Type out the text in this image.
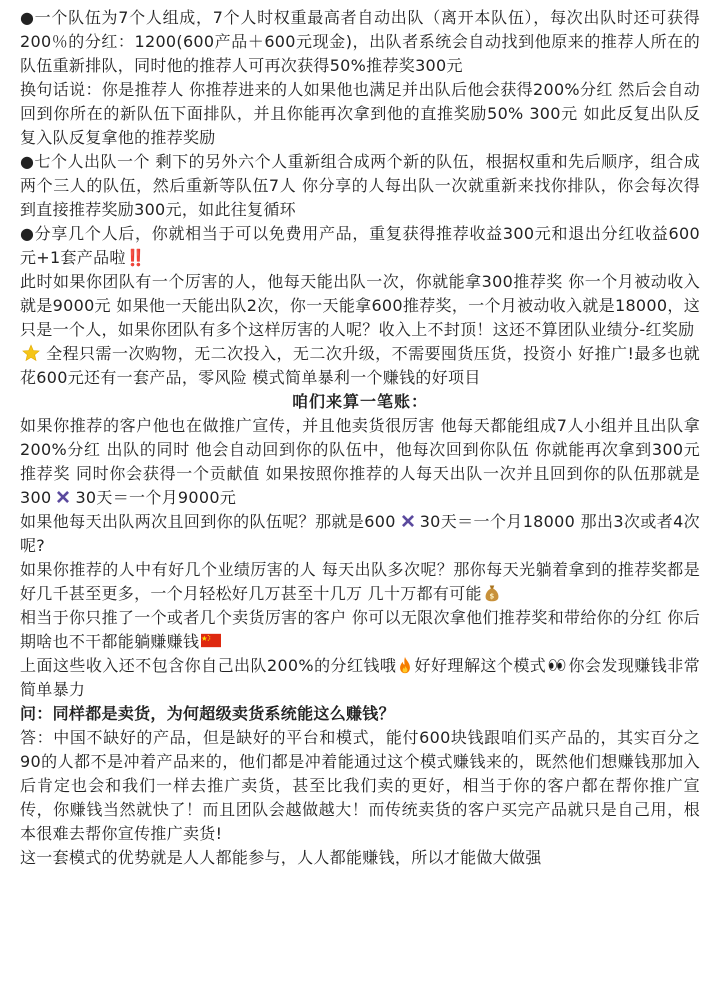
●一个队伍为7个人组成，7个人时权重最高者自动出队（离开本队伍），每次出队时还可获得200％的分红：1200(600产品＋600元现金)，出队者系统会自动找到他原来的推荐人所在的队伍重新排队，同时他的推荐人可再次获得50%推荐奖300元

换句话说：你是推荐人 你推荐进来的人如果他也满足并出队后他会获得200%分红 然后会自动回到你所在的新队伍下面排队，并且你能再次拿到他的直推奖励50% 300元 如此反复出队反复入队反复拿他的推荐奖励

●七个人出队一个 剩下的另外六个人重新组合成两个新的队伍，根据权重和先后顺序，组合成两个三人的队伍，然后重新等队伍7人 你分享的人每出队一次就重新来找你排队，你会每次得到直接推荐奖励300元，如此往复循环

●分享几个人后，你就相当于可以免费用产品，重复获得推荐收益300元和退出分红收益600元+1套产品啦‼️

此时如果你团队有一个厉害的人，他每天能出队一次，你就能拿300推荐奖 你一个月被动收入就是9000元 如果他一天能出队2次，你一天能拿600推荐奖，一个月被动收入就是18000，这只是一个人，如果你团队有多个这样厉害的人呢？收入上不封顶！这还不算团队业绩分-红奖励

全程只需一次购物，无二次投入，无二次升级，不需要囤货压货，投资小 好推广!最多也就花600元还有一套产品，零风险 模式简单暴利一个赚钱的好项目

咱们来算一笔账：

如果你推荐的客户他也在做推广宣传，并且他卖货很厉害 他每天都能组成7人小组并且出队拿200%分红 出队的同时 他会自动回到你的队伍中，他每次回到你队伍 你就能再次拿到300元推荐奖 同时你会获得一个贡献值 如果按照你推荐的人每天出队一次并且回到你的队伍那就是300 30天＝一个月9000元

如果他每天出队两次且回到你的队伍呢？那就是600 30天＝一个月18000 那出3次或者4次呢?

如果你推荐的人中有好几个业绩厉害的人 每天出队多次呢？那你每天光躺着拿到的推荐奖都是好几千甚至更多，一个月轻松好几万甚至十几万 几十万都有可能 $

相当于你只推了一个或者几个卖货厉害的客户 你可以无限次拿他们推荐奖和带给你的分红 你后期啥也不干都能躺赚赚钱

上面这些收入还不包含你自己出队200%的分红钱哦 好好理解这个模式 你会发现赚钱非常简单暴力

问：同样都是卖货，为何超级卖货系统能这么赚钱？

答：中国不缺好的产品，但是缺好的平台和模式，能付600块钱跟咱们买产品的，其实百分之90的人都不是冲着产品来的，他们都是冲着能通过这个模式赚钱来的，既然他们想赚钱那加入后肯定也会和我们一样去推广卖货，甚至比我们卖的更好，相当于你的客户都在帮你推广宣传，你赚钱当然就快了！而且团队会越做越大！而传统卖货的客户买完产品就只是自己用，根本很难去帮你宣传推广卖货!

这一套模式的优势就是人人都能参与，人人都能赚钱，所以才能做大做强
